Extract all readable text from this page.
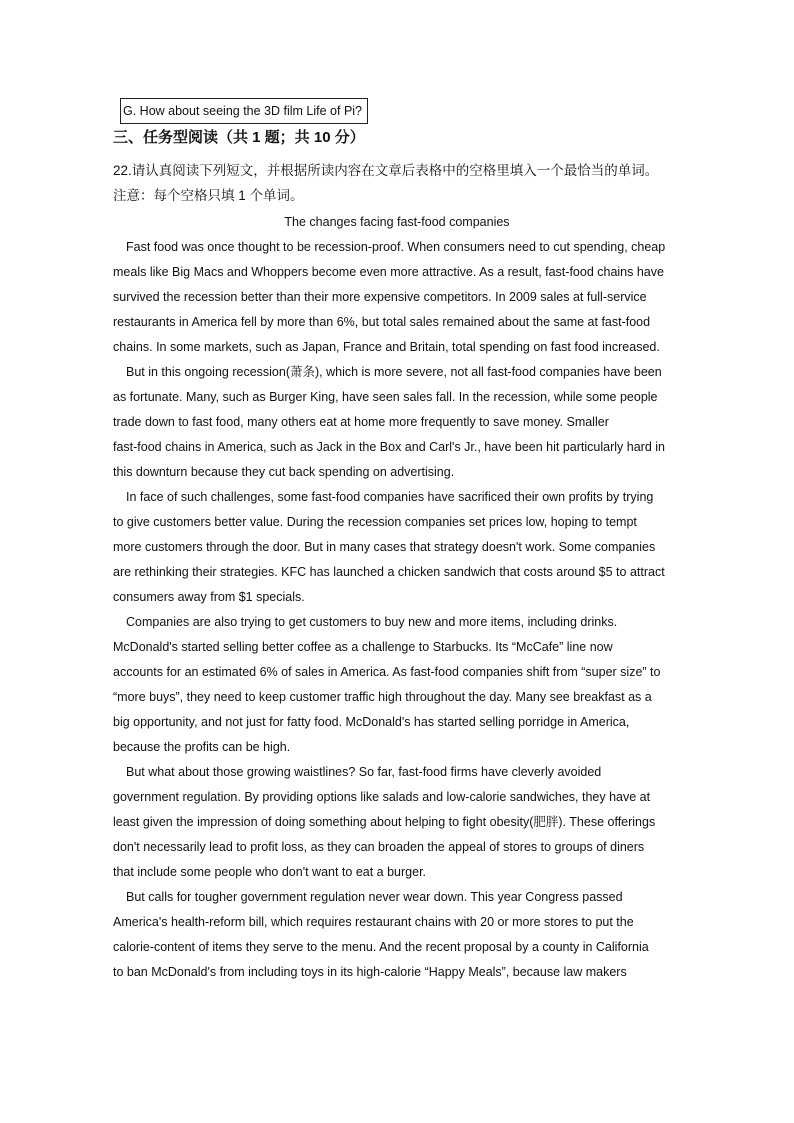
G. How about seeing the 3D film Life of Pi?
三、任务型阅读（共 1 题；共 10 分）
22.请认真阅读下列短文，并根据所读内容在文章后表格中的空格里填入一个最恰当的单词。
注意：每个空格只填 1 个单词。
The changes facing fast-food companies
Fast food was once thought to be recession-proof. When consumers need to cut spending, cheap
meals like Big Macs and Whoppers become even more attractive. As a result, fast-food chains have
survived the recession better than their more expensive competitors. In 2009 sales at full-service
restaurants in America fell by more than 6%, but total sales remained about the same at fast-food
chains. In some markets, such as Japan, France and Britain, total spending on fast food increased.
But in this ongoing recession(萧条), which is more severe, not all fast-food companies have been
as fortunate. Many, such as Burger King, have seen sales fall. In the recession, while some people
trade down to fast food, many others eat at home more frequently to save money. Smaller
fast-food chains in America, such as Jack in the Box and Carl's Jr., have been hit particularly hard in
this downturn because they cut back spending on advertising.
In face of such challenges, some fast-food companies have sacrificed their own profits by trying
to give customers better value. During the recession companies set prices low, hoping to tempt
more customers through the door. But in many cases that strategy doesn't work. Some companies
are rethinking their strategies. KFC has launched a chicken sandwich that costs around $5 to attract
consumers away from $1 specials.
Companies are also trying to get customers to buy new and more items, including drinks.
McDonald's started selling better coffee as a challenge to Starbucks. Its “McCafe” line now
accounts for an estimated 6% of sales in America. As fast-food companies shift from “super size” to
“more buys”, they need to keep customer traffic high throughout the day. Many see breakfast as a
big opportunity, and not just for fatty food. McDonald's has started selling porridge in America,
because the profits can be high.
But what about those growing waistlines? So far, fast-food firms have cleverly avoided
government regulation. By providing options like salads and low-calorie sandwiches, they have at
least given the impression of doing something about helping to fight obesity(肥胖). These offerings
don't necessarily lead to profit loss, as they can broaden the appeal of stores to groups of diners
that include some people who don't want to eat a burger.
But calls for tougher government regulation never wear down. This year Congress passed
America's health-reform bill, which requires restaurant chains with 20 or more stores to put the
calorie-content of items they serve to the menu. And the recent proposal by a county in California
to ban McDonald's from including toys in its high-calorie “Happy Meals”, because law makers
